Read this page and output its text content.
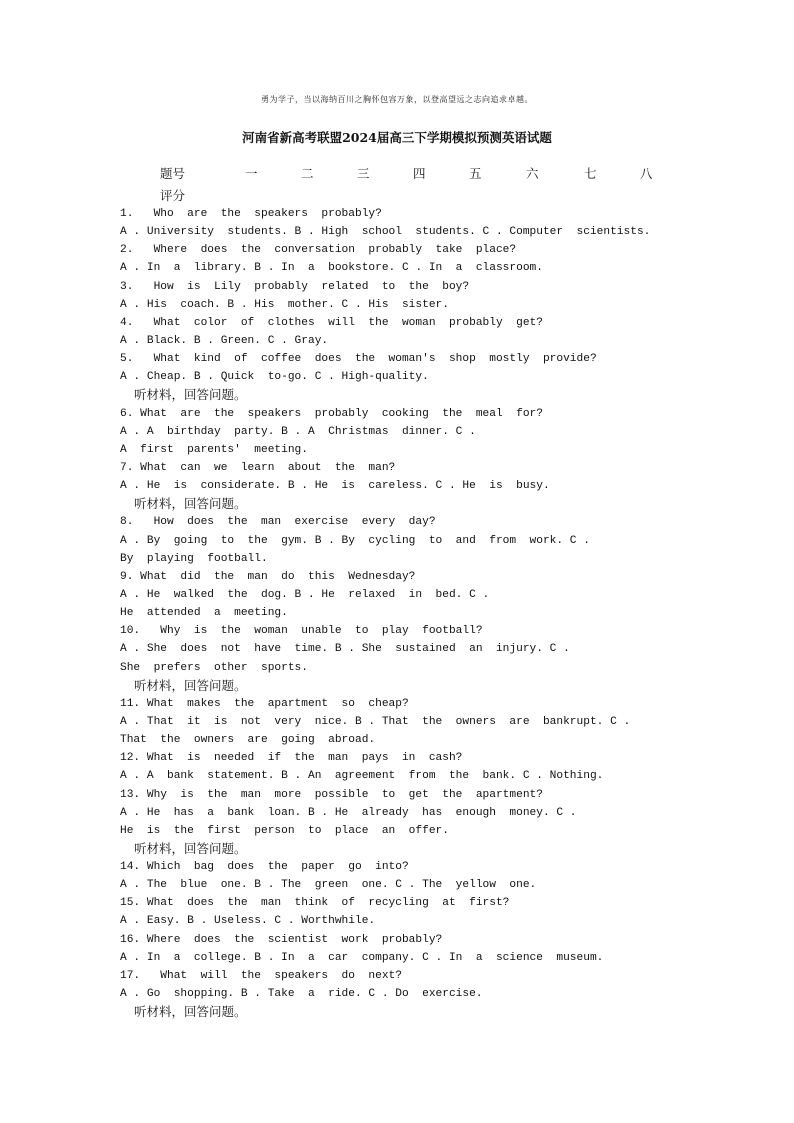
勇为学子，当以海纳百川之胸怀包容万象，以登高望远之志向追求卓越。
河南省新高考联盟2024届高三下学期模拟预测英语试题
题号	一	二	三	四	五	六	七	八
评分
1.   Who  are  the  speakers  probably?
A . University  students. B . High  school  students. C . Computer  scientists.
2.   Where  does  the  conversation  probably  take  place?
A . In  a  library. B . In  a  bookstore. C . In  a  classroom.
3.   How  is  Lily  probably  related  to  the  boy?
A . His  coach. B . His  mother. C . His  sister.
4.   What  color  of  clothes  will  the  woman  probably  get?
A . Black. B . Green. C . Gray.
5.   What  kind  of  coffee  does  the  woman's  shop  mostly  provide?
A . Cheap. B . Quick  to-go. C . High-quality.
听材料，回答问题。
6. What  are  the  speakers  probably  cooking  the  meal  for?
A . A  birthday  party. B . A  Christmas  dinner. C .
A  first  parents'  meeting.
7. What  can  we  learn  about  the  man?
A . He  is  considerate. B . He  is  careless. C . He  is  busy.
听材料，回答问题。
8.   How  does  the  man  exercise  every  day?
A . By  going  to  the  gym. B . By  cycling  to  and  from  work. C .
By  playing  football.
9. What  did  the  man  do  this  Wednesday?
A . He  walked  the  dog. B . He  relaxed  in  bed. C .
He  attended  a  meeting.
10.   Why  is  the  woman  unable  to  play  football?
A . She  does  not  have  time. B . She  sustained  an  injury. C .
She  prefers  other  sports.
听材料，回答问题。
11. What  makes  the  apartment  so  cheap?
A . That  it  is  not  very  nice. B . That  the  owners  are  bankrupt. C .
That  the  owners  are  going  abroad.
12. What  is  needed  if  the  man  pays  in  cash?
A . A  bank  statement. B . An  agreement  from  the  bank. C . Nothing.
13. Why  is  the  man  more  possible  to  get  the  apartment?
A . He  has  a  bank  loan. B . He  already  has  enough  money. C .
He  is  the  first  person  to  place  an  offer.
听材料，回答问题。
14. Which  bag  does  the  paper  go  into?
A . The  blue  one. B . The  green  one. C . The  yellow  one.
15. What  does  the  man  think  of  recycling  at  first?
A . Easy. B . Useless. C . Worthwhile.
16. Where  does  the  scientist  work  probably?
A . In  a  college. B . In  a  car  company. C . In  a  science  museum.
17.   What  will  the  speakers  do  next?
A . Go  shopping. B . Take  a  ride. C . Do  exercise.
听材料，回答问题。
